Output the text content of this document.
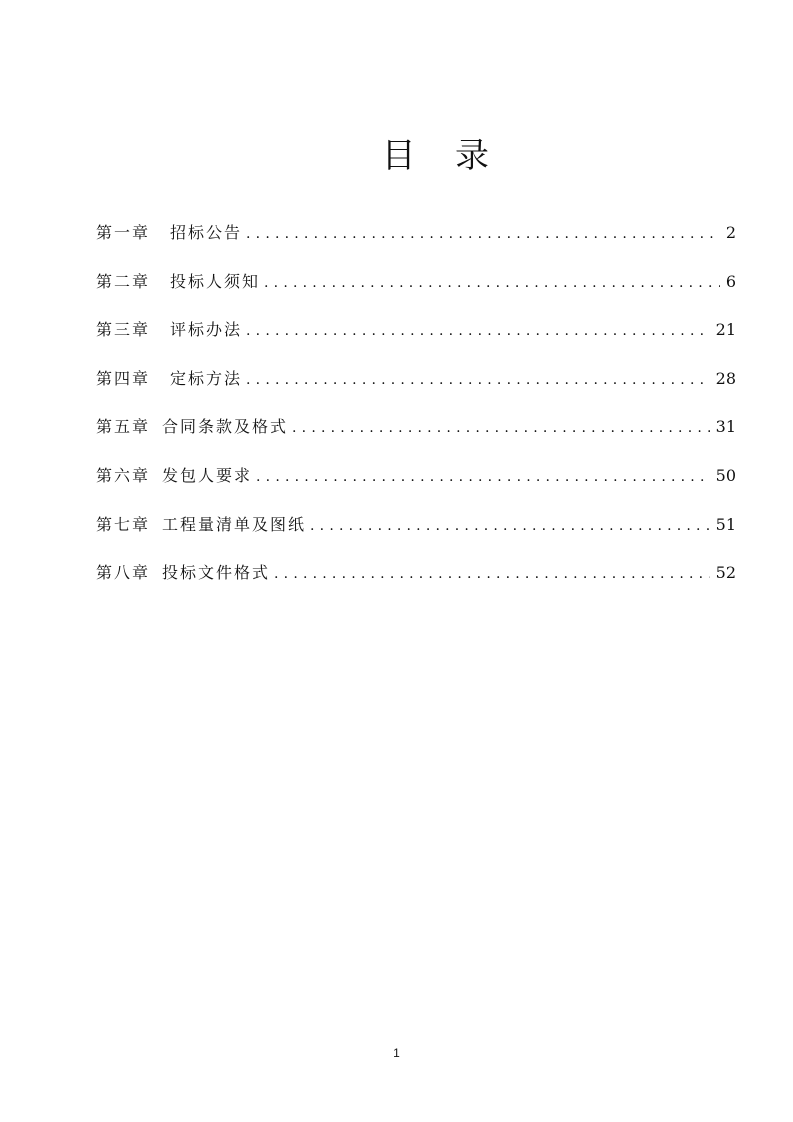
目 录
第一章 招标公告 .....	2
第二章 投标人须知 .....	6
第三章 评标办法 .....	21
第四章 定标方法 .....	28
第五章 合同条款及格式 .....	31
第六章 发包人要求 .....	50
第七章 工程量清单及图纸 .....	51
第八章 投标文件格式 .....	52
1
